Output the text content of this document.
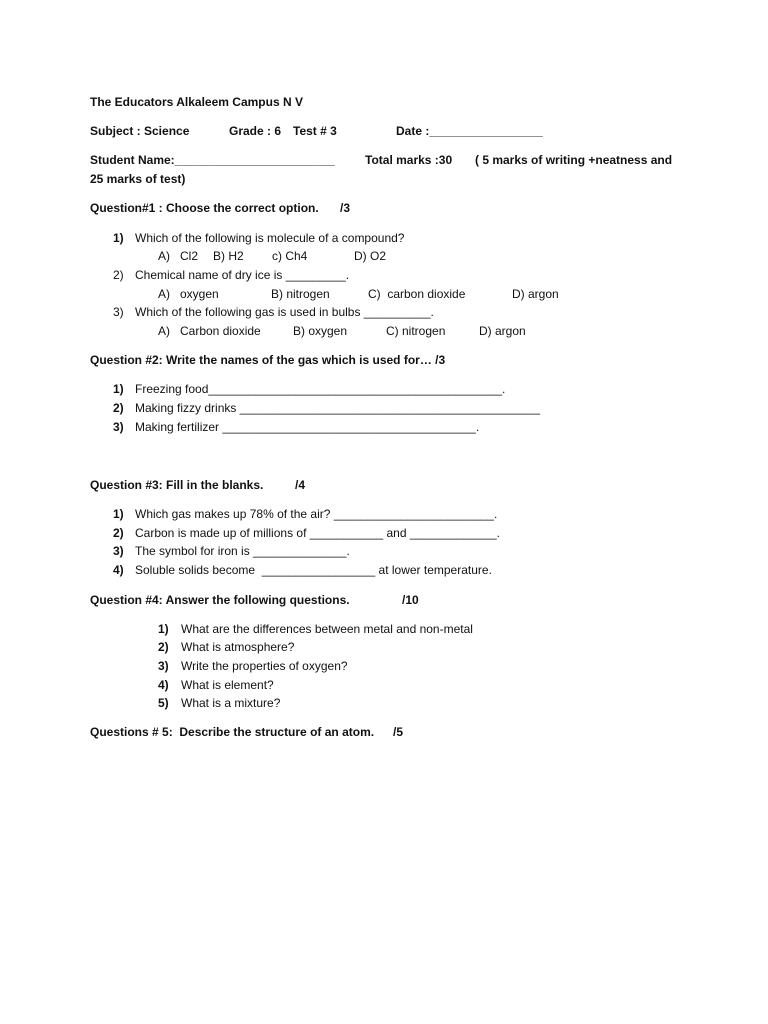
The Educators Alkaleem Campus N V
Subject : Science	Grade : 6 Test # 3	Date :_________________
Student Name:________________________	Total marks :30 ( 5 marks of writing +neatness and
25 marks of test)
Question#1 : Choose the correct option. /3
1) Which of the following is molecule of a compound?
A)   Cl2 B) H2 c) Ch4	D) O2
2) Chemical name of dry ice is _________.
A)   oxygen	B) nitrogen	C)  carbon dioxide	D) argon
3) Which of the following gas is used in bulbs __________.
A)   Carbon dioxide	B) oxygen	C) nitrogen	D) argon
Question #2: Write the names of the gas which is used for… /3
1) Freezing food____________________________________________.
2) Making fizzy drinks _____________________________________________
3) Making fertilizer ______________________________________.
Question #3: Fill in the blanks.	/4
1) Which gas makes up 78% of the air? ________________________.
2) Carbon is made up of millions of ___________ and _____________.
3) The symbol for iron is ______________.
4) Soluble solids become  _________________ at lower temperature.
Question #4: Answer the following questions.	/10
1) What are the differences between metal and non-metal
2) What is atmosphere?
3) Write the properties of oxygen?
4) What is element?
5) What is a mixture?
Questions # 5:  Describe the structure of an atom. /5
